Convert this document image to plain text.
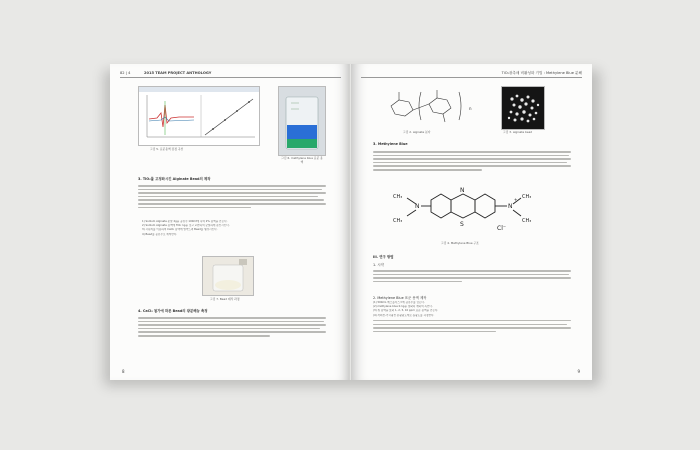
82 | 4	2015 TEAM PROJECT ANTHOLOGY
그림 5. 표준용액 검정 곡선
그림 6. methylene blue 표준 용액
3. TiO₂를 고정화시킨 Alginate Bead의 제작
1) Sodium Alginate 분말 2g을 증류수 100ml에 녹여 2% 용액을 만든다.
2) Sodium Alginate 용액에 TiO₂ 1g을 넣고 교반하여 균일하게 분산시킨다.
3) 시린지를 이용하여 CaCl₂ 용액에 떨어뜨려 Bead를 형성시킨다.
4) Bead를 증류수로 세척한다.
그림 7. Bead 제작 과정
4. CaCl₂ 첨가에 따른 Bead의 광분해능 측정
8
TiO₂광촉매 비활성화 기법 : Methylene Blue 분해
n
그림 2. alginate 분자	그림 3. alginate bead
3. Methylene Blue
N
CH₃
CH₃	S
N
N
+ CH₃
CH₃
Cl⁻
그림 4. Methylene Blue 구조
III. 연구 방법
1. 시약
2. Methylene Blue 표준 용액 제작
(1) 500mL 메스플라스크에 증류수를 넣는다.
(2) methylene blue 0.1g을 정확히 취하여 녹인다.
(3) 위 용액을 묽혀 1, 2, 5, 10 ppm 표준 용액을 만든다.
(4) 자외선-가시광선 분광광도계로 흡광도를 측정한다.
9
